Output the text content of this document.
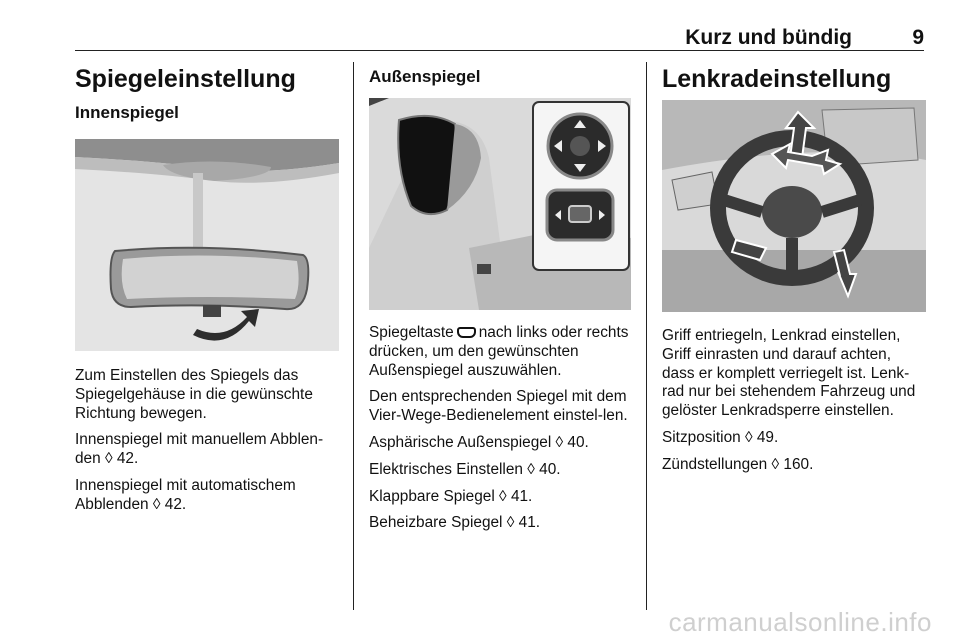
Kurz und bündig	9
Spiegeleinstellung
Innenspiegel

Zum Einstellen des Spiegels das Spiegelgehäuse in die gewünschte Richtung bewegen.

Innenspiegel mit manuellem Abblen-den ◊ 42.

Innenspiegel mit automatischem Abblenden ◊ 42.

Außenspiegel

Spiegeltaste nach links oder rechts drücken, um den gewünschten Außenspiegel auszuwählen.

Den entsprechenden Spiegel mit dem Vier-Wege-Bedienelement einstel-len.

Asphärische Außenspiegel ◊ 40.

Elektrisches Einstellen ◊ 40.

Klappbare Spiegel ◊ 41.

Beheizbare Spiegel ◊ 41.

Lenkradeinstellung

Griff entriegeln, Lenkrad einstellen, Griff einrasten und darauf achten, dass er komplett verriegelt ist. Lenk-rad nur bei stehendem Fahrzeug und gelöster Lenkradsperre einstellen.

Sitzposition ◊ 49.

Zündstellungen ◊ 160.

carmanualsonline.info
